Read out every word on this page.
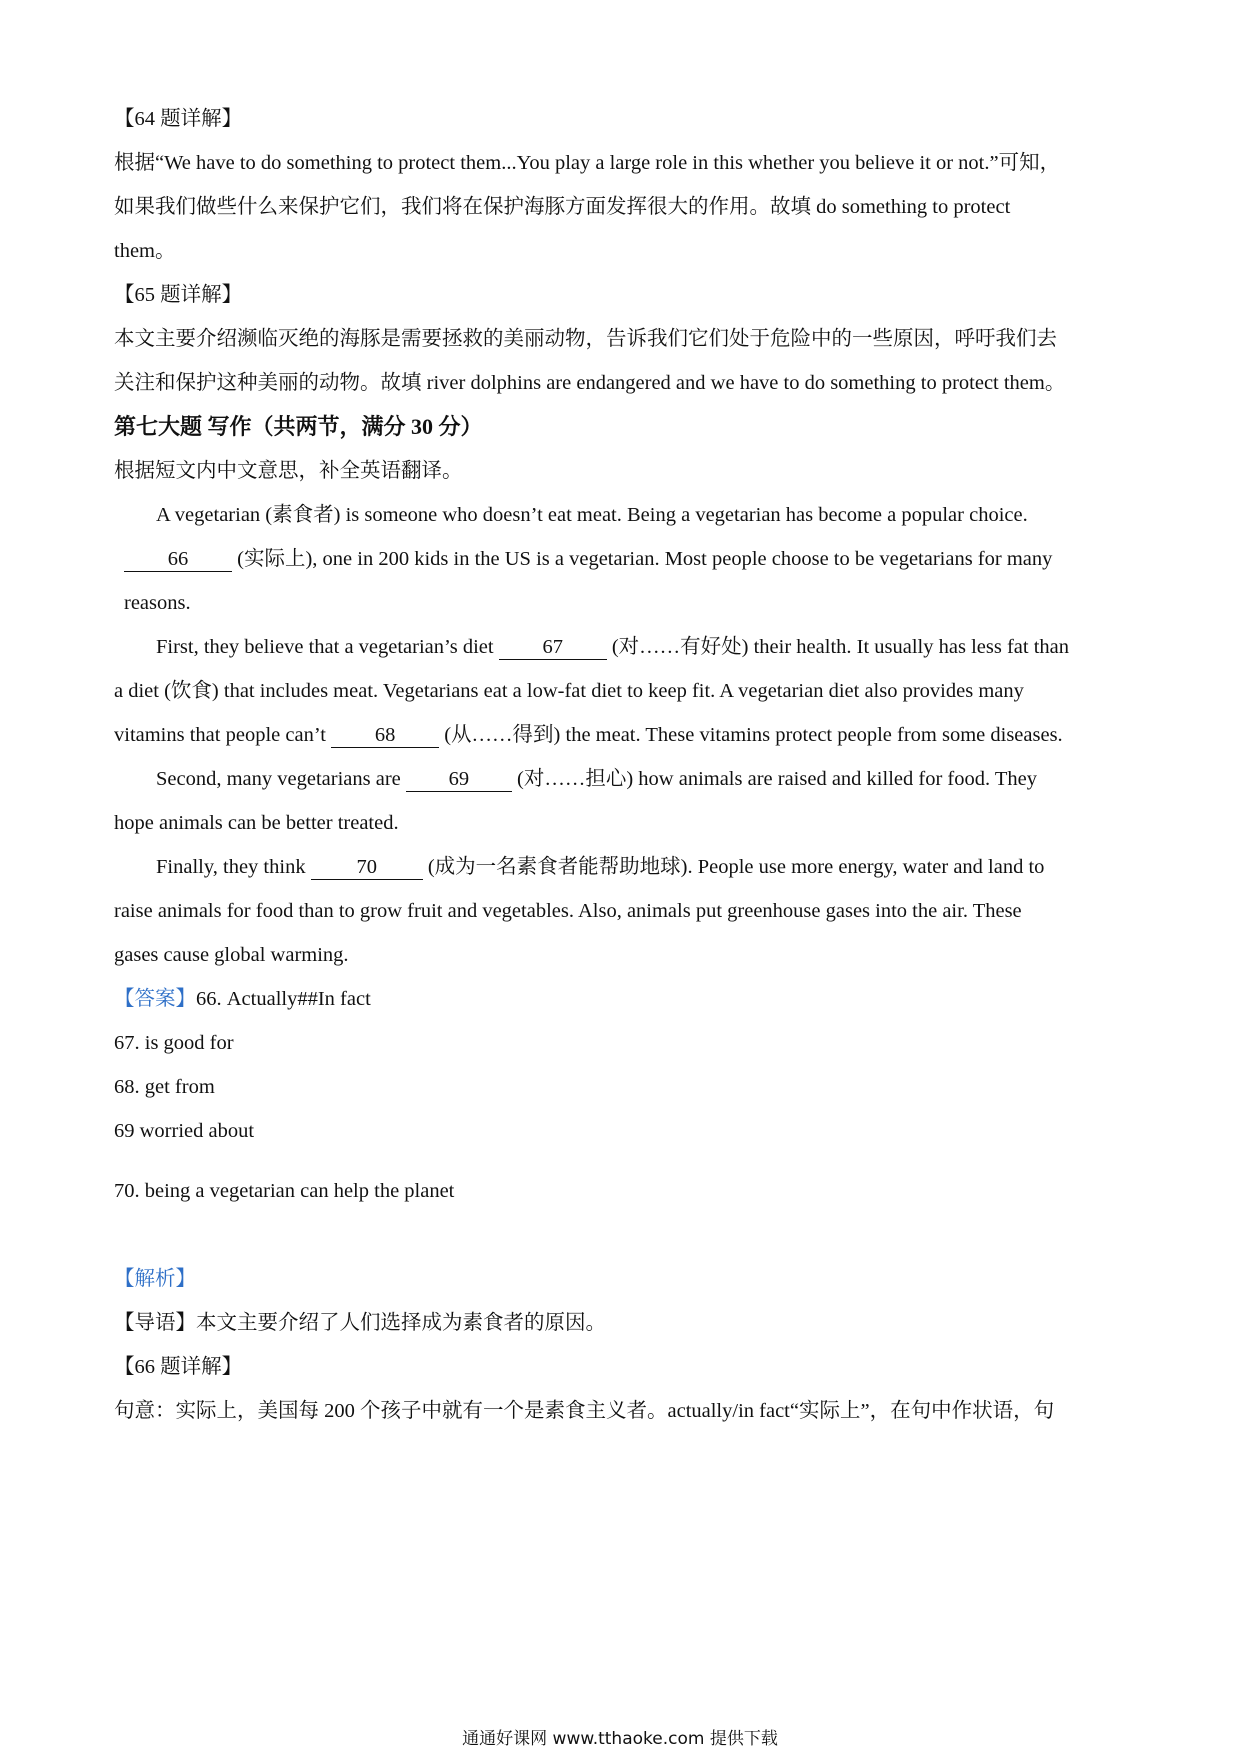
【64 题详解】
根据“We have to do something to protect them...You play a large role in this whether you believe it or not.”可知，
如果我们做些什么来保护它们，我们将在保护海豚方面发挥很大的作用。故填 do something to protect
them。
【65 题详解】
本文主要介绍濒临灭绝的海豚是需要拯救的美丽动物，告诉我们它们处于危险中的一些原因，呼吁我们去
关注和保护这种美丽的动物。故填 river dolphins are endangered and we have to do something to protect them。
第七大题 写作（共两节，满分 30 分）
根据短文内中文意思，补全英语翻译。
A vegetarian (素食者) is someone who doesn’t eat meat. Being a vegetarian has become a popular choice.
66 (实际上), one in 200 kids in the US is a vegetarian. Most people choose to be vegetarians for many
reasons.
First, they believe that a vegetarian’s diet 67 (对……有好处) their health. It usually has less fat than
a diet (饮食) that includes meat. Vegetarians eat a low-fat diet to keep fit. A vegetarian diet also provides many
vitamins that people can’t 68 (从……得到) the meat. These vitamins protect people from some diseases.
Second, many vegetarians are 69 (对……担心) how animals are raised and killed for food. They
hope animals can be better treated.
Finally, they think 70 (成为一名素食者能帮助地球). People use more energy, water and land to
raise animals for food than to grow fruit and vegetables. Also, animals put greenhouse gases into the air. These
gases cause global warming.
【答案】66. Actually##In fact
67. is good for
68. get from
69 worried about
70. being a vegetarian can help the planet
【解析】
【导语】本文主要介绍了人们选择成为素食者的原因。
【66 题详解】
句意：实际上，美国每 200 个孩子中就有一个是素食主义者。actually/in fact“实际上”，在句中作状语，句
通通好课网 www.tthaoke.com 提供下载
